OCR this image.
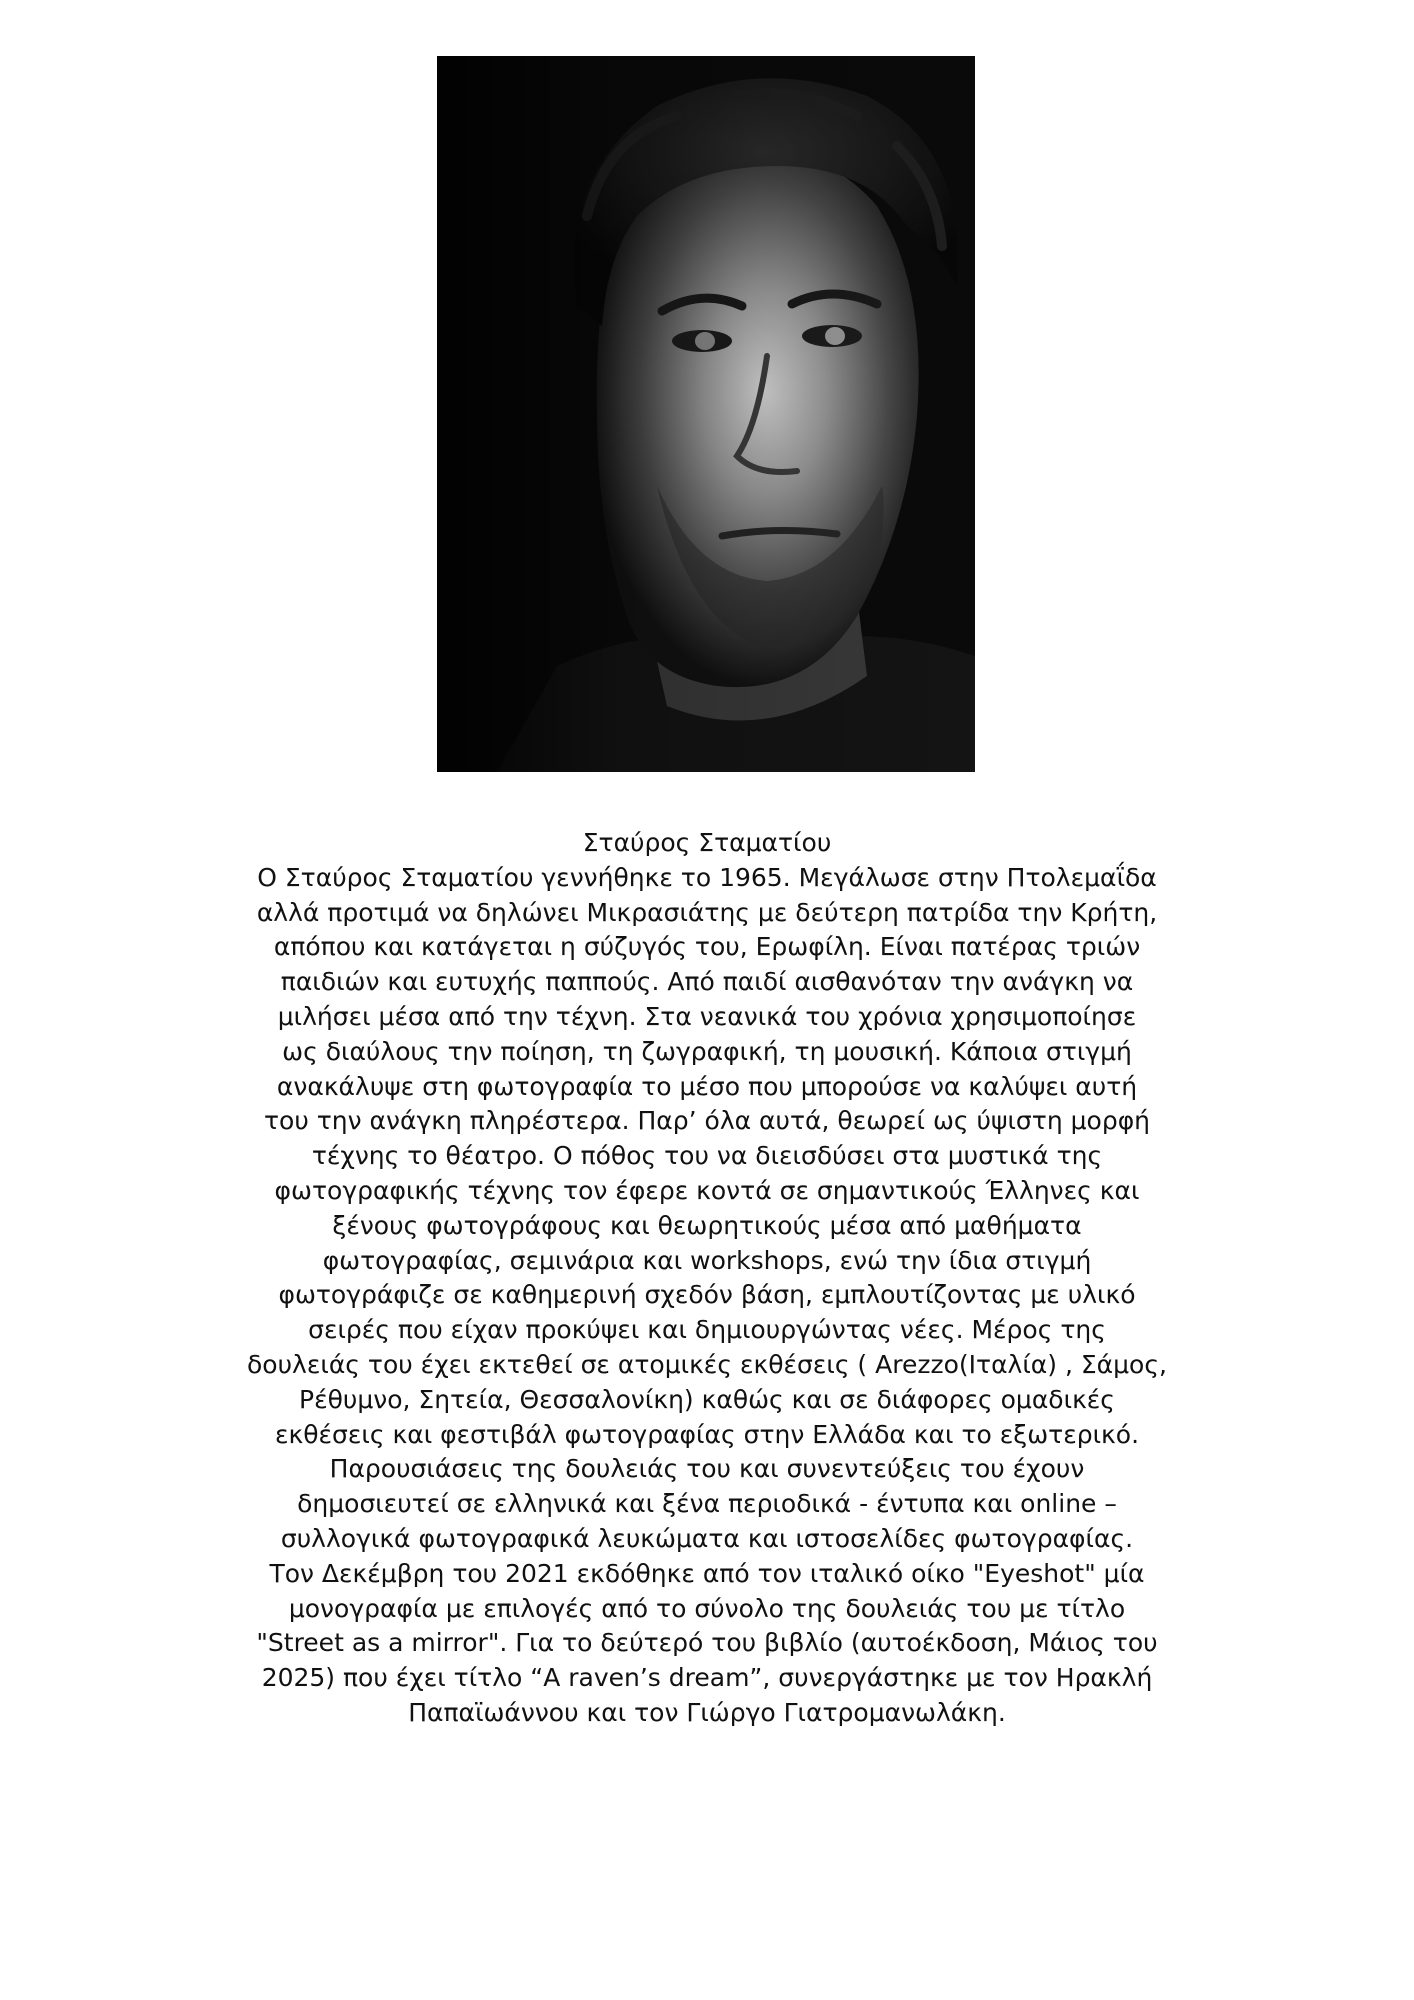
Σταύρος Σταματίου
Ο Σταύρος Σταματίου γεννήθηκε το 1965. Μεγάλωσε στην Πτολεμαΐδα
αλλά προτιμά να δηλώνει Μικρασιάτης με δεύτερη πατρίδα την Κρήτη,
απόπου και κατάγεται η σύζυγός του, Ερωφίλη. Είναι πατέρας τριών
παιδιών και ευτυχής παππούς. Από παιδί αισθανόταν την ανάγκη να
μιλήσει μέσα από την τέχνη. Στα νεανικά του χρόνια χρησιμοποίησε
ως διαύλους την ποίηση, τη ζωγραφική, τη μουσική. Κάποια στιγμή
ανακάλυψε στη φωτογραφία το μέσο που μπορούσε να καλύψει αυτή
του την ανάγκη πληρέστερα. Παρ’ όλα αυτά, θεωρεί ως ύψιστη μορφή
τέχνης το θέατρο. Ο πόθος του να διεισδύσει στα μυστικά της
φωτογραφικής τέχνης τον έφερε κοντά σε σημαντικούς Έλληνες και
ξένους φωτογράφους και θεωρητικούς μέσα από μαθήματα
φωτογραφίας, σεμινάρια και workshops, ενώ την ίδια στιγμή
φωτογράφιζε σε καθημερινή σχεδόν βάση, εμπλουτίζοντας με υλικό
σειρές που είχαν προκύψει και δημιουργώντας νέες. Μέρος της
δουλειάς του έχει εκτεθεί σε ατομικές εκθέσεις ( Arezzo(Ιταλία) , Σάμος,
Ρέθυμνο, Σητεία, Θεσσαλονίκη) καθώς και σε διάφορες ομαδικές
εκθέσεις και φεστιβάλ φωτογραφίας στην Ελλάδα και το εξωτερικό.
Παρουσιάσεις της δουλειάς του και συνεντεύξεις του έχουν
δημοσιευτεί σε ελληνικά και ξένα περιοδικά - έντυπα και online –
συλλογικά φωτογραφικά λευκώματα και ιστοσελίδες φωτογραφίας.
Τον Δεκέμβρη του 2021 εκδόθηκε από τον ιταλικό οίκο "Eyeshot" μία
μονογραφία με επιλογές από το σύνολο της δουλειάς του με τίτλο
"Street as a mirror". Για το δεύτερό του βιβλίο (αυτοέκδοση, Μάιος του
2025) που έχει τίτλο “A raven’s dream”, συνεργάστηκε με τον Ηρακλή
Παπαϊωάννου και τον Γιώργο Γιατρομανωλάκη.
